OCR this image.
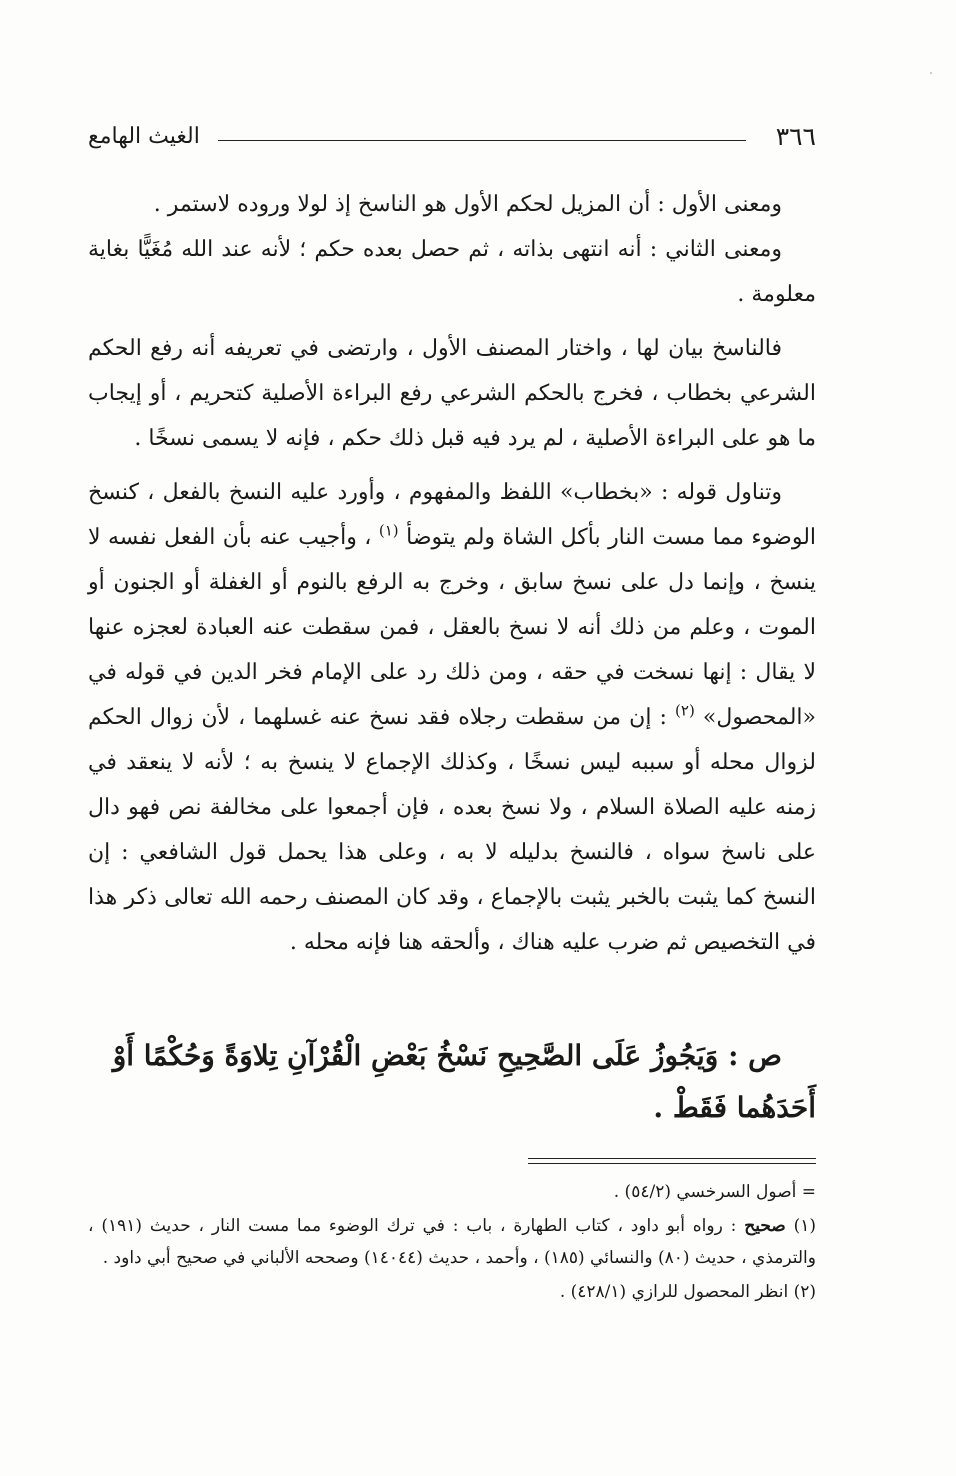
٣٦٦
الغيث الهامع

ومعنى الأول : أن المزيل لحكم الأول هو الناسخ إذ لولا وروده لاستمر .

ومعنى الثاني : أنه انتهى بذاته ، ثم حصل بعده حكم ؛ لأنه عند الله مُغَيًّا بغاية معلومة .

فالناسخ بيان لها ، واختار المصنف الأول ، وارتضى في تعريفه أنه رفع الحكم الشرعي بخطاب ، فخرج بالحكم الشرعي رفع البراءة الأصلية كتحريم ، أو إيجاب ما هو على البراءة الأصلية ، لم يرد فيه قبل ذلك حكم ، فإنه لا يسمى نسخًا .

وتناول قوله : «بخطاب» اللفظ والمفهوم ، وأورد عليه النسخ بالفعل ، كنسخ الوضوء مما مست النار بأكل الشاة ولم يتوضأ $^{(١)}$ ، وأجيب عنه بأن الفعل نفسه لا ينسخ ، وإنما دل على نسخ سابق ، وخرج به الرفع بالنوم أو الغفلة أو الجنون أو الموت ، وعلم من ذلك أنه لا نسخ بالعقل ، فمن سقطت عنه العبادة لعجزه عنها لا يقال : إنها نسخت في حقه ، ومن ذلك رد على الإمام فخر الدين في قوله في «المحصول» $^{(٢)}$ : إن من سقطت رجلاه فقد نسخ عنه غسلهما ، لأن زوال الحكم لزوال محله أو سببه ليس نسخًا ، وكذلك الإجماع لا ينسخ به ؛ لأنه لا ينعقد في زمنه عليه الصلاة السلام ، ولا نسخ بعده ، فإن أجمعوا على مخالفة نص فهو دال على ناسخ سواه ، فالنسخ بدليله لا به ، وعلى هذا يحمل قول الشافعي : إن النسخ كما يثبت بالخبر يثبت بالإجماع ، وقد كان المصنف رحمه الله تعالى ذكر هذا في التخصيص ثم ضرب عليه هناك ، وألحقه هنا فإنه محله .

ص : وَيَجُوزُ عَلَى الصَّحِيحِ نَسْخُ بَعْضِ الْقُرْآنِ تِلاوَةً وَحُكْمًا أَوْ أَحَدَهُما فَقَطْ .

= أصول السرخسي (٥٤/٢) .

(١) صحيح : رواه أبو داود ، كتاب الطهارة ، باب : في ترك الوضوء مما مست النار ، حديث (١٩١) ، والترمذي ، حديث (٨٠) والنسائي (١٨٥) ، وأحمد ، حديث (١٤٠٤٤) وصححه الألباني في صحيح أبي داود .

(٢) انظر المحصول للرازي (٤٢٨/١) .
